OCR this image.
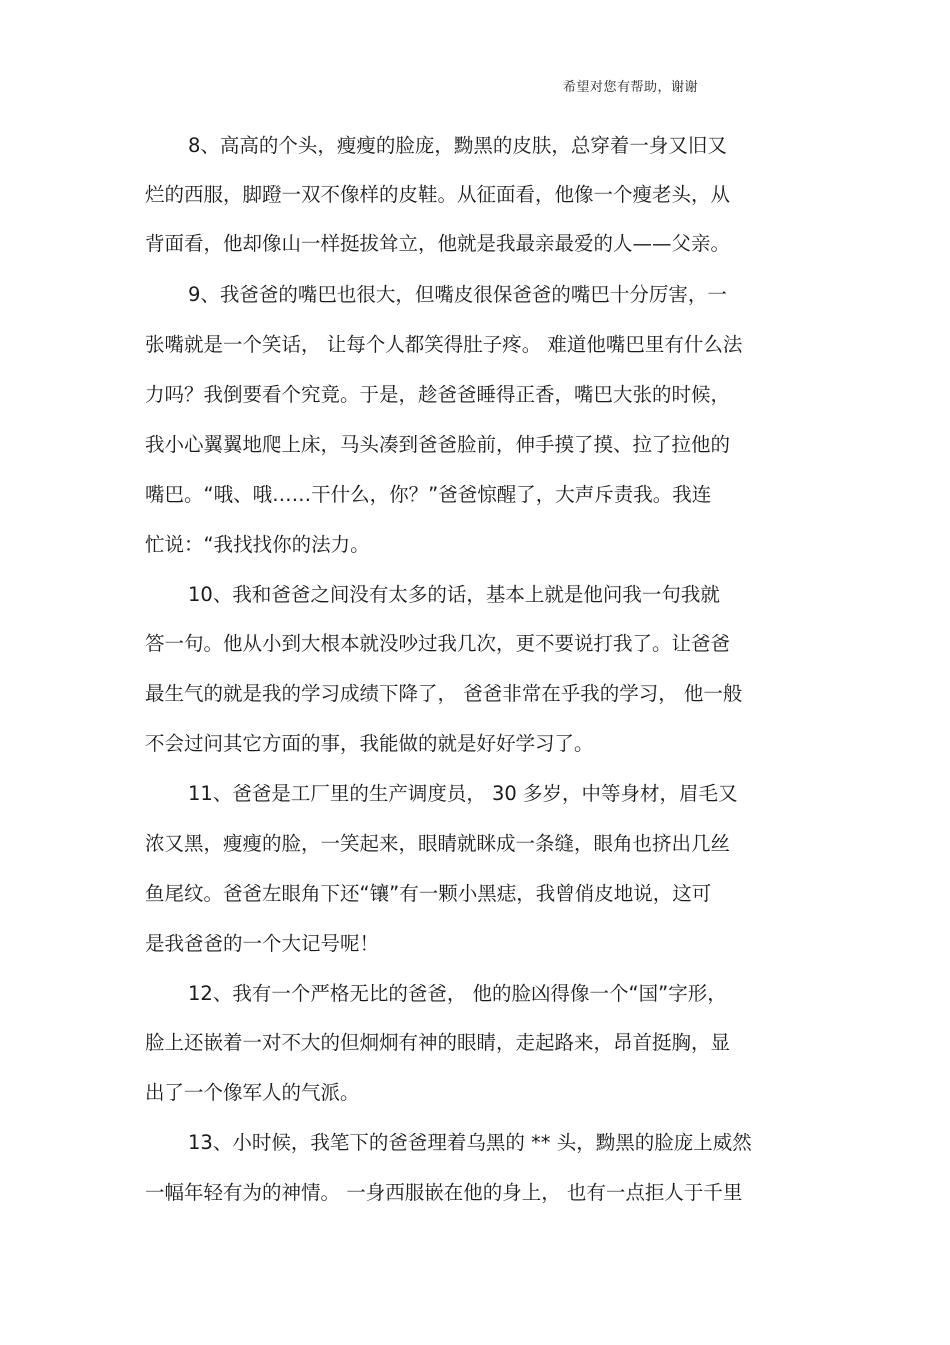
希望对您有帮助，谢谢
8、高高的个头，瘦瘦的脸庞，黝黑的皮肤，总穿着一身又旧又
烂的西服，脚蹬一双不像样的皮鞋。从征面看，他像一个瘦老头，从
背面看，他却像山一样挺拔耸立，他就是我最亲最爱的人——父亲。
9、我爸爸的嘴巴也很大，但嘴皮很保爸爸的嘴巴十分厉害，一
张嘴就是一个笑话， 让每个人都笑得肚子疼。 难道他嘴巴里有什么法
力吗？我倒要看个究竟。于是，趁爸爸睡得正香，嘴巴大张的时候，
我小心翼翼地爬上床，马头凑到爸爸脸前，伸手摸了摸、拉了拉他的
嘴巴。“哦、哦……干什么，你？”爸爸惊醒了，大声斥责我。我连
忙说：“我找找你的法力。
10、我和爸爸之间没有太多的话，基本上就是他问我一句我就
答一句。他从小到大根本就没吵过我几次，更不要说打我了。让爸爸
最生气的就是我的学习成绩下降了， 爸爸非常在乎我的学习， 他一般
不会过问其它方面的事，我能做的就是好好学习了。
11、爸爸是工厂里的生产调度员， 30 多岁，中等身材，眉毛又
浓又黑，瘦瘦的脸，一笑起来，眼睛就眯成一条缝，眼角也挤出几丝
鱼尾纹。爸爸左眼角下还“镶”有一颗小黑痣，我曾俏皮地说，这可
是我爸爸的一个大记号呢！
12、我有一个严格无比的爸爸， 他的脸凶得像一个“国”字形，
脸上还嵌着一对不大的但炯炯有神的眼睛，走起路来，昂首挺胸，显
出了一个像军人的气派。
13、小时候，我笔下的爸爸理着乌黑的 ** 头，黝黑的脸庞上威然
一幅年轻有为的神情。 一身西服嵌在他的身上， 也有一点拒人于千里
